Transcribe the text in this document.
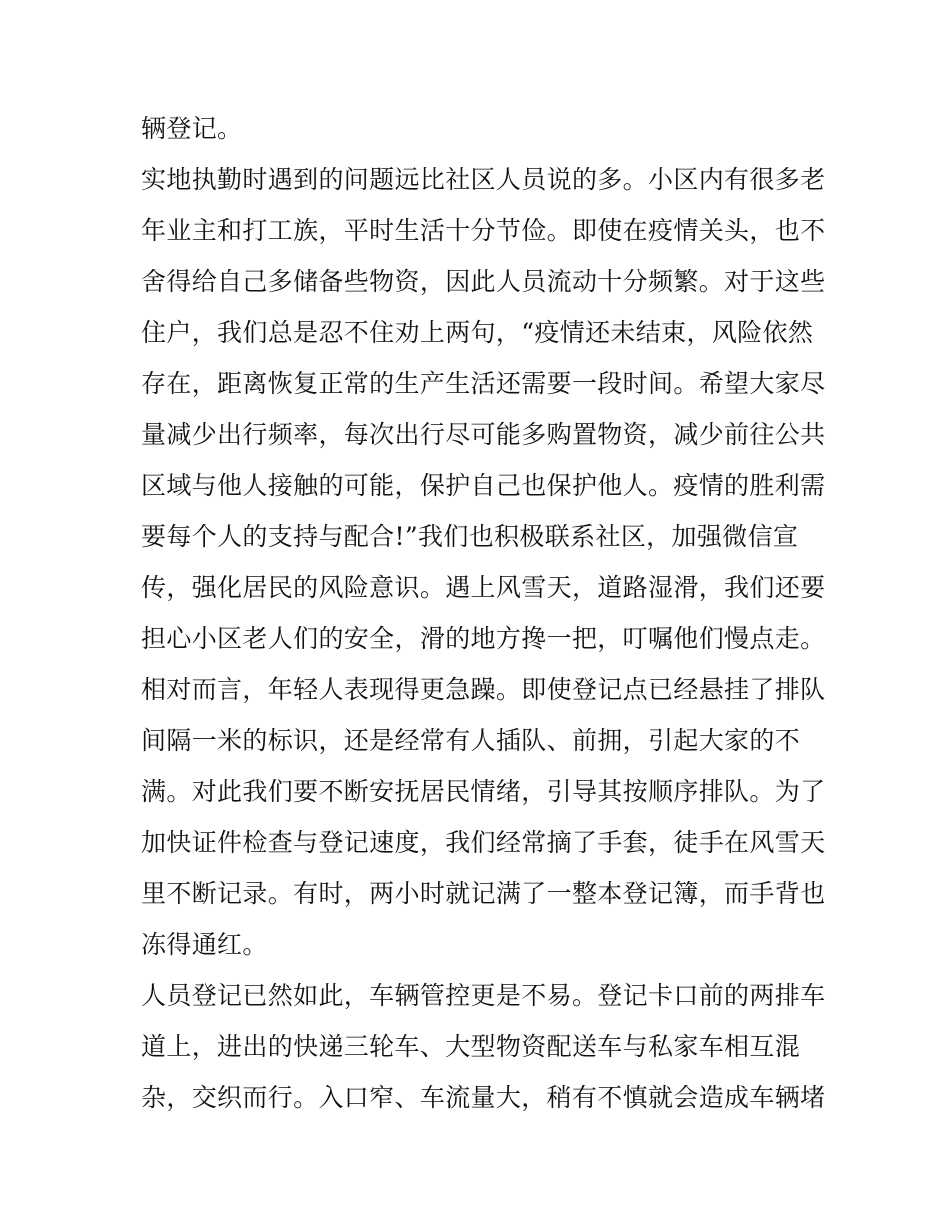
辆登记。
实地执勤时遇到的问题远比社区人员说的多。小区内有很多老
年业主和打工族，平时生活十分节俭。即使在疫情关头，也不
舍得给自己多储备些物资，因此人员流动十分频繁。对于这些
住户，我们总是忍不住劝上两句，“疫情还未结束，风险依然
存在，距离恢复正常的生产生活还需要一段时间。希望大家尽
量减少出行频率，每次出行尽可能多购置物资，减少前往公共
区域与他人接触的可能，保护自己也保护他人。疫情的胜利需
要每个人的支持与配合!”我们也积极联系社区，加强微信宣
传，强化居民的风险意识。遇上风雪天，道路湿滑，我们还要
担心小区老人们的安全，滑的地方搀一把，叮嘱他们慢点走。
相对而言，年轻人表现得更急躁。即使登记点已经悬挂了排队
间隔一米的标识，还是经常有人插队、前拥，引起大家的不
满。对此我们要不断安抚居民情绪，引导其按顺序排队。为了
加快证件检查与登记速度，我们经常摘了手套，徒手在风雪天
里不断记录。有时，两小时就记满了一整本登记簿，而手背也
冻得通红。
人员登记已然如此，车辆管控更是不易。登记卡口前的两排车
道上，进出的快递三轮车、大型物资配送车与私家车相互混
杂，交织而行。入口窄、车流量大，稍有不慎就会造成车辆堵
